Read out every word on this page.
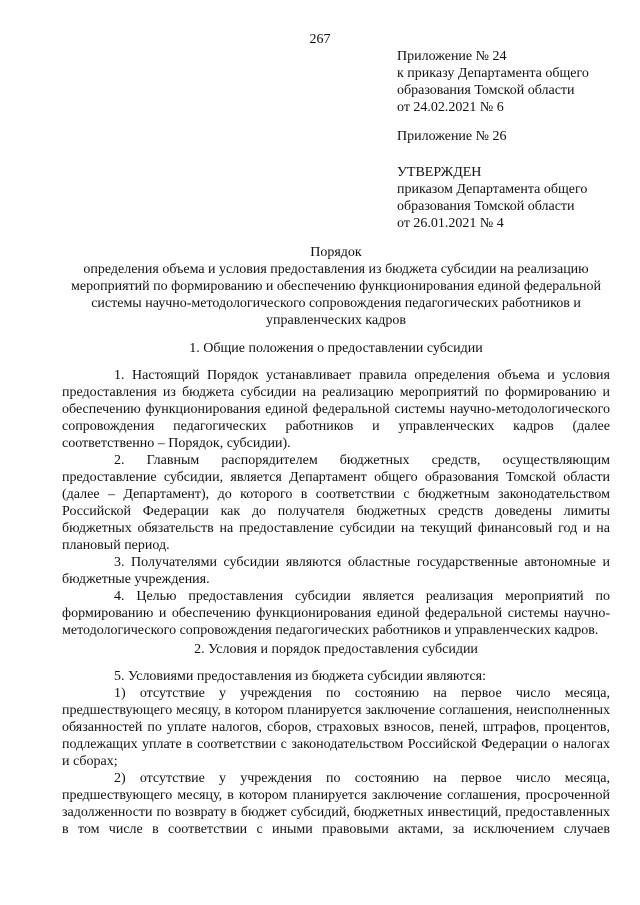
267
Приложение № 24
к приказу Департамента общего
образования Томской области
от 24.02.2021 № 6
Приложение № 26
УТВЕРЖДЕН
приказом Департамента общего
образования Томской области
от 26.01.2021 № 4
Порядок
определения объема и условия предоставления из бюджета субсидии на реализацию
мероприятий по формированию и обеспечению функционирования единой федеральной
системы научно-методологического сопровождения педагогических работников и
управленческих кадров
1. Общие положения о предоставлении субсидии

1. Настоящий Порядок устанавливает правила определения объема и условия предоставления из бюджета субсидии на реализацию мероприятий по формированию и обеспечению функционирования единой федеральной системы научно-методологического сопровождения педагогических работников и управленческих кадров (далее соответственно – Порядок, субсидии).

2. Главным распорядителем бюджетных средств, осуществляющим предоставление субсидии, является Департамент общего образования Томской области (далее – Департамент), до которого в соответствии с бюджетным законодательством Российской Федерации как до получателя бюджетных средств доведены лимиты бюджетных обязательств на предоставление субсидии на текущий финансовый год и на плановый период.

3. Получателями субсидии являются областные государственные автономные и бюджетные учреждения.

4. Целью предоставления субсидии является реализация мероприятий по формированию и обеспечению функционирования единой федеральной системы научно-методологического сопровождения педагогических работников и управленческих кадров.

2. Условия и порядок предоставления субсидии

5. Условиями предоставления из бюджета субсидии являются:

1) отсутствие у учреждения по состоянию на первое число месяца, предшествующего месяцу, в котором планируется заключение соглашения, неисполненных обязанностей по уплате налогов, сборов, страховых взносов, пеней, штрафов, процентов, подлежащих уплате в соответствии с законодательством Российской Федерации о налогах и сборах;

2) отсутствие у учреждения по состоянию на первое число месяца, предшествующего месяцу, в котором планируется заключение соглашения, просроченной задолженности по возврату в бюджет субсидий, бюджетных инвестиций, предоставленных в том числе в соответствии с иными правовыми актами, за исключением случаев
